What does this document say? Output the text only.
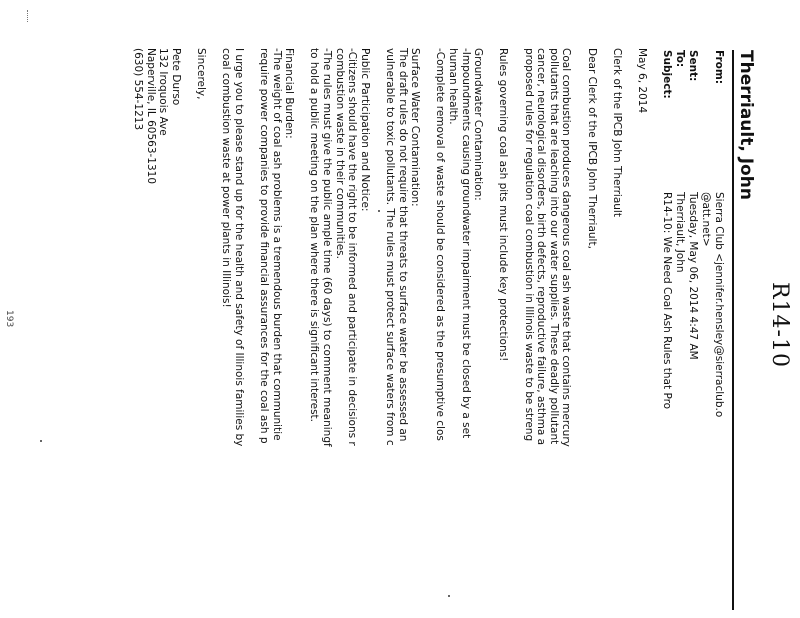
R14-10
Therriault, John
From:
Sierra Club <jennifer.hensley@sierraclub.o
@att.net>
Sent:
Tuesday, May 06, 2014 4:47 AM
To:
Therriault, John
Subject:
R14-10: We Need Coal Ash Rules that Pro
May 6, 2014
Clerk of the IPCB John Therriault
Dear Clerk of the IPCB John Therriault,
Coal combustion produces dangerous coal ash waste that contains mercury
pollutants that are leaching into our water supplies. These deadly pollutant
cancer, neurological disorders, birth defects, reproductive failure, asthma a
proposed rules for regulation coal combustion in Illinois waste to be streng
Rules governing coal ash pits must include key protections!
Groundwater Contamination:
-Impoundments causing groundwater impairment must be closed by a set
human health.
-Complete removal of waste should be considered as the presumptive clos
Surface Water Contamination:
The draft rules do not require that threats to surface water be assessed an
vulnerable to toxic pollutants. The rules must protect surface waters from c
Public Participation and Notice:
-Citizens should have the right to be informed and participate in decisions r
combustion waste in their communities.
-The rules must give the public ample time (60 days) to comment meaningf
to hold a public meeting on the plan where there is significant interest.
Financial Burden:
-The weight of coal ash problems is a tremendous burden that communitie
require power companies to provide financial assurances for the coal ash p
I urge you to please stand up for the health and safety of Illinois families by
coal combustion waste at power plants in Illinois!
Sincerely,
Pete Durso
132 Iroquois Ave
Naperville, IL 60563-1310
(630) 554-1213
193
